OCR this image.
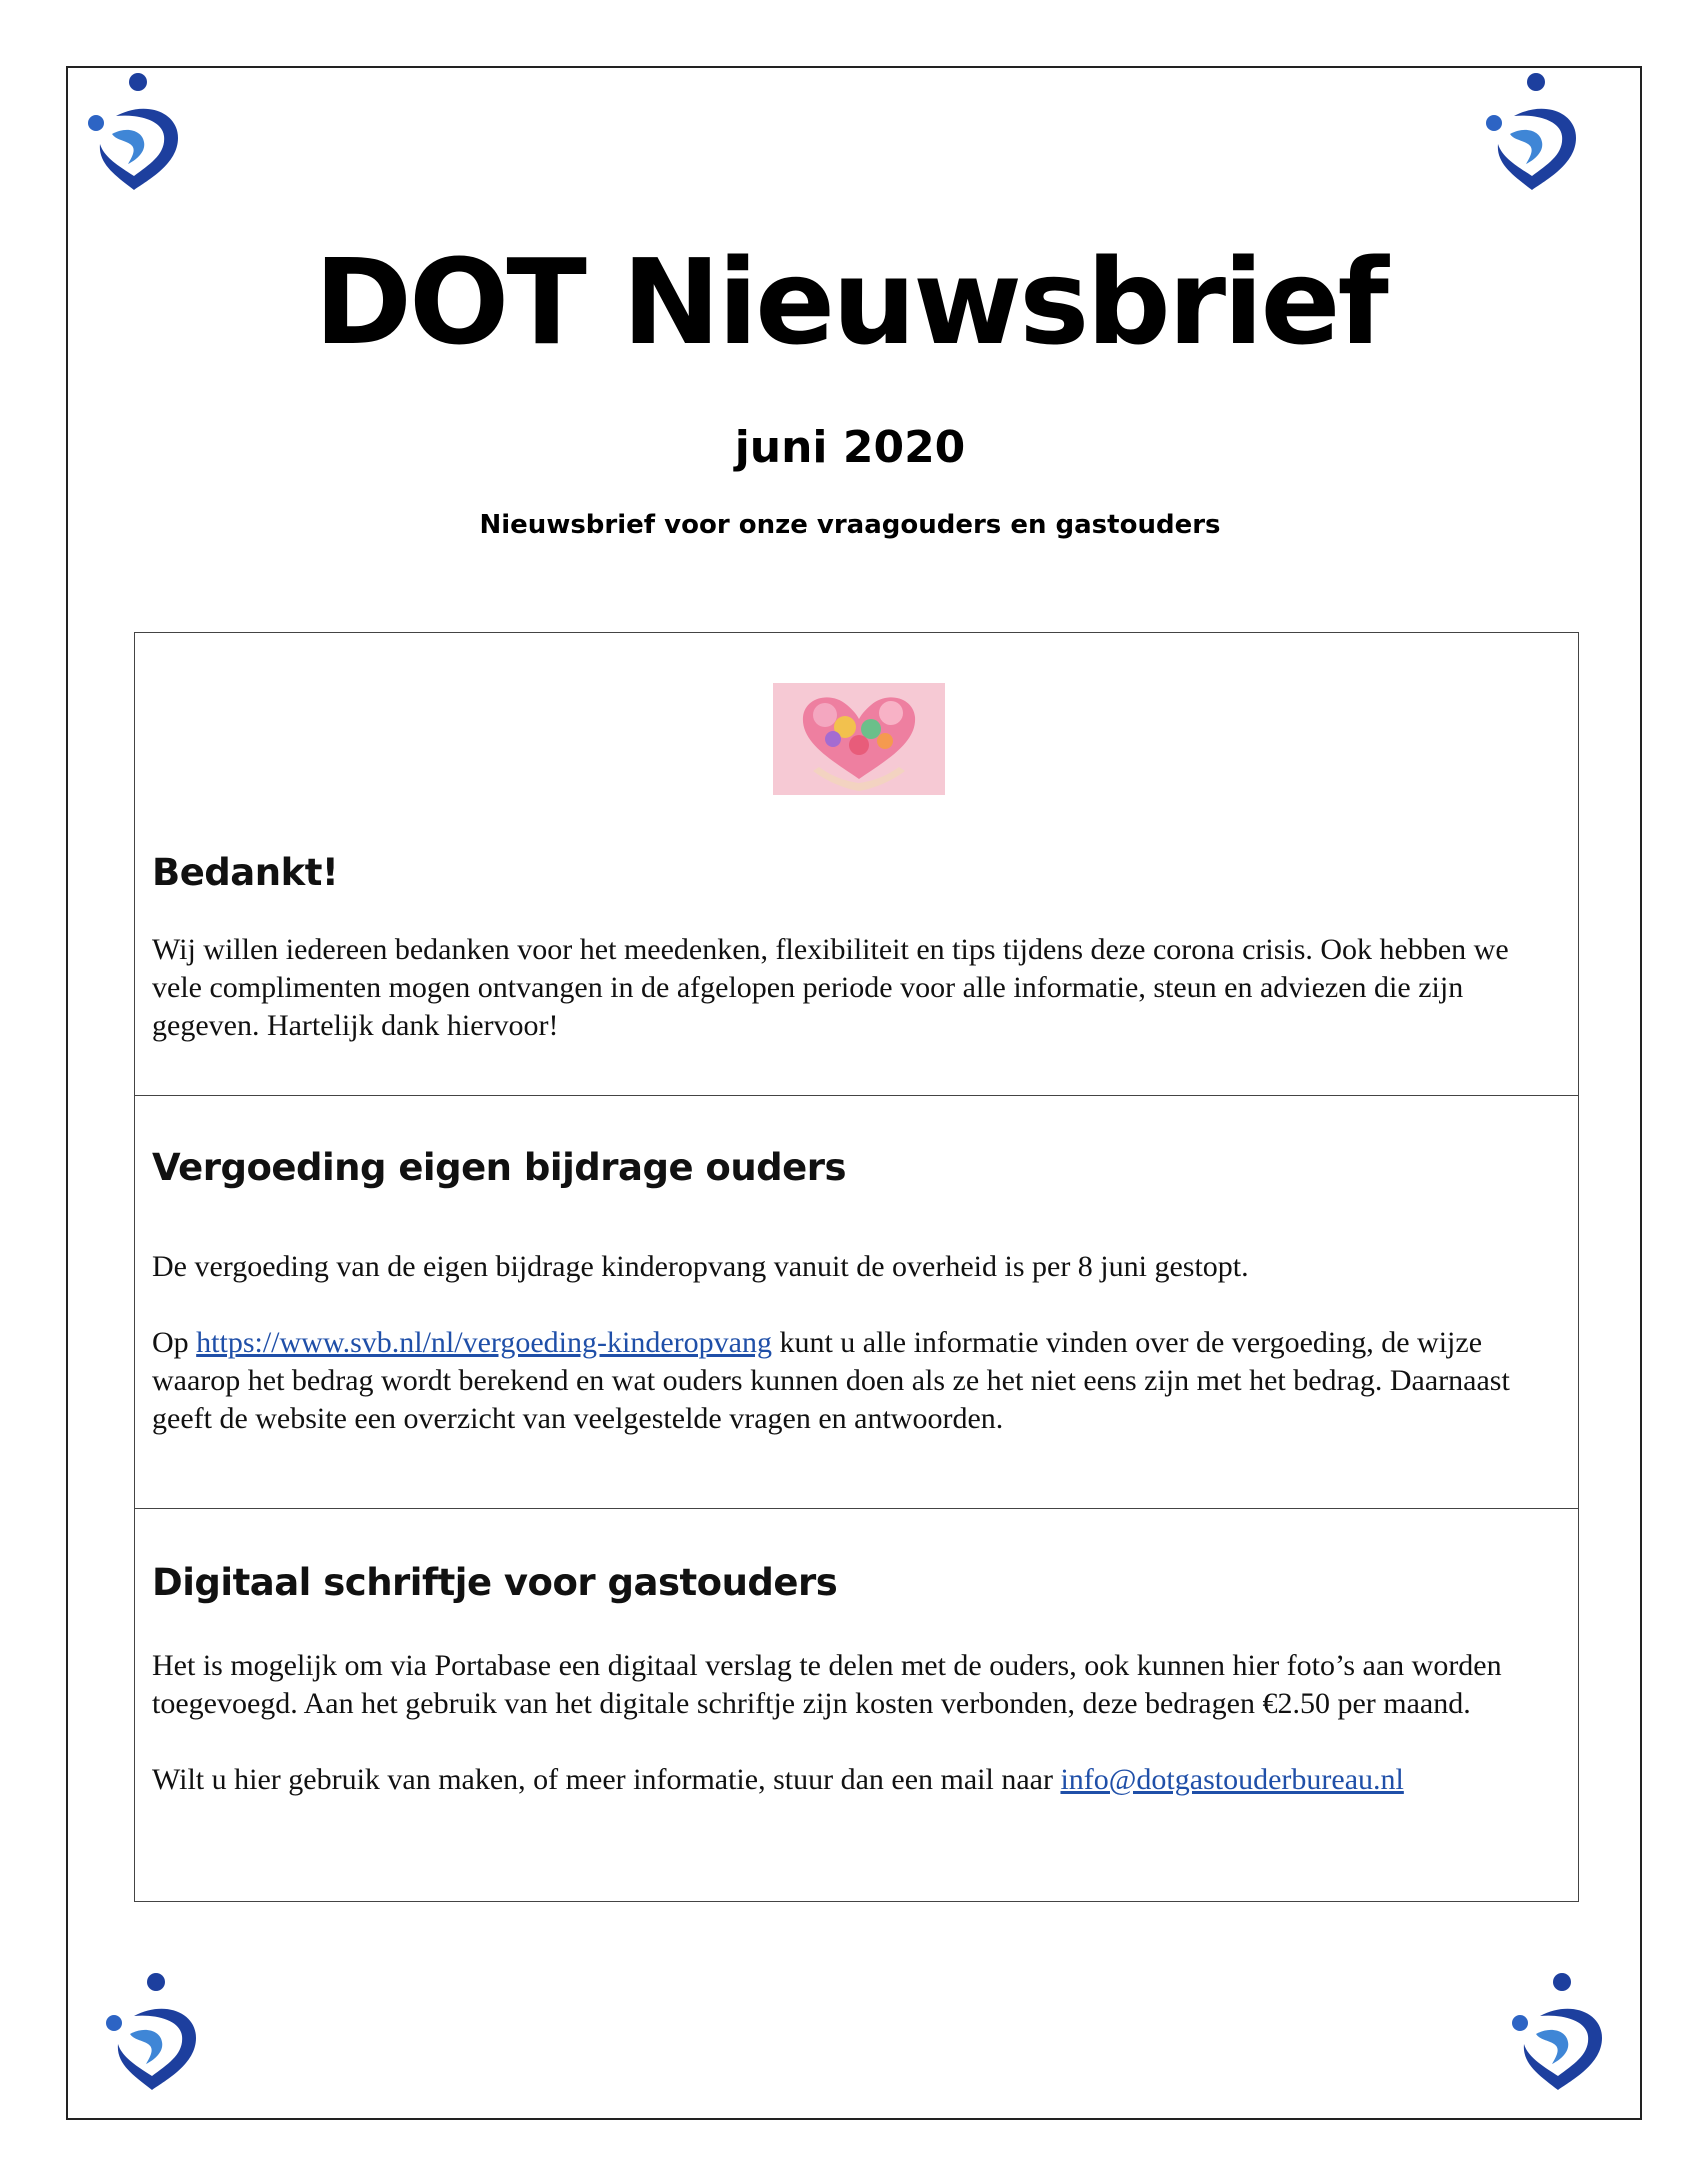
DOT Nieuwsbrief
juni 2020
Nieuwsbrief voor onze vraagouders en gastouders
Bedankt!

Wij willen iedereen bedanken voor het meedenken, flexibiliteit en tips tijdens deze corona crisis. Ook hebben we vele complimenten mogen ontvangen in de afgelopen periode voor alle informatie, steun en adviezen die zijn gegeven. Hartelijk dank hiervoor!

Vergoeding eigen bijdrage ouders

De vergoeding van de eigen bijdrage kinderopvang vanuit de overheid is per 8 juni gestopt.

Op https://www.svb.nl/nl/vergoeding-kinderopvang kunt u alle informatie vinden over de vergoeding, de wijze waarop het bedrag wordt berekend en wat ouders kunnen doen als ze het niet eens zijn met het bedrag. Daarnaast geeft de website een overzicht van veelgestelde vragen en antwoorden.

Digitaal schriftje voor gastouders

Het is mogelijk om via Portabase een digitaal verslag te delen met de ouders, ook kunnen hier foto’s aan worden toegevoegd. Aan het gebruik van het digitale schriftje zijn kosten verbonden, deze bedragen €2.50 per maand.

Wilt u hier gebruik van maken, of meer informatie, stuur dan een mail naar info@dotgastouderbureau.nl
